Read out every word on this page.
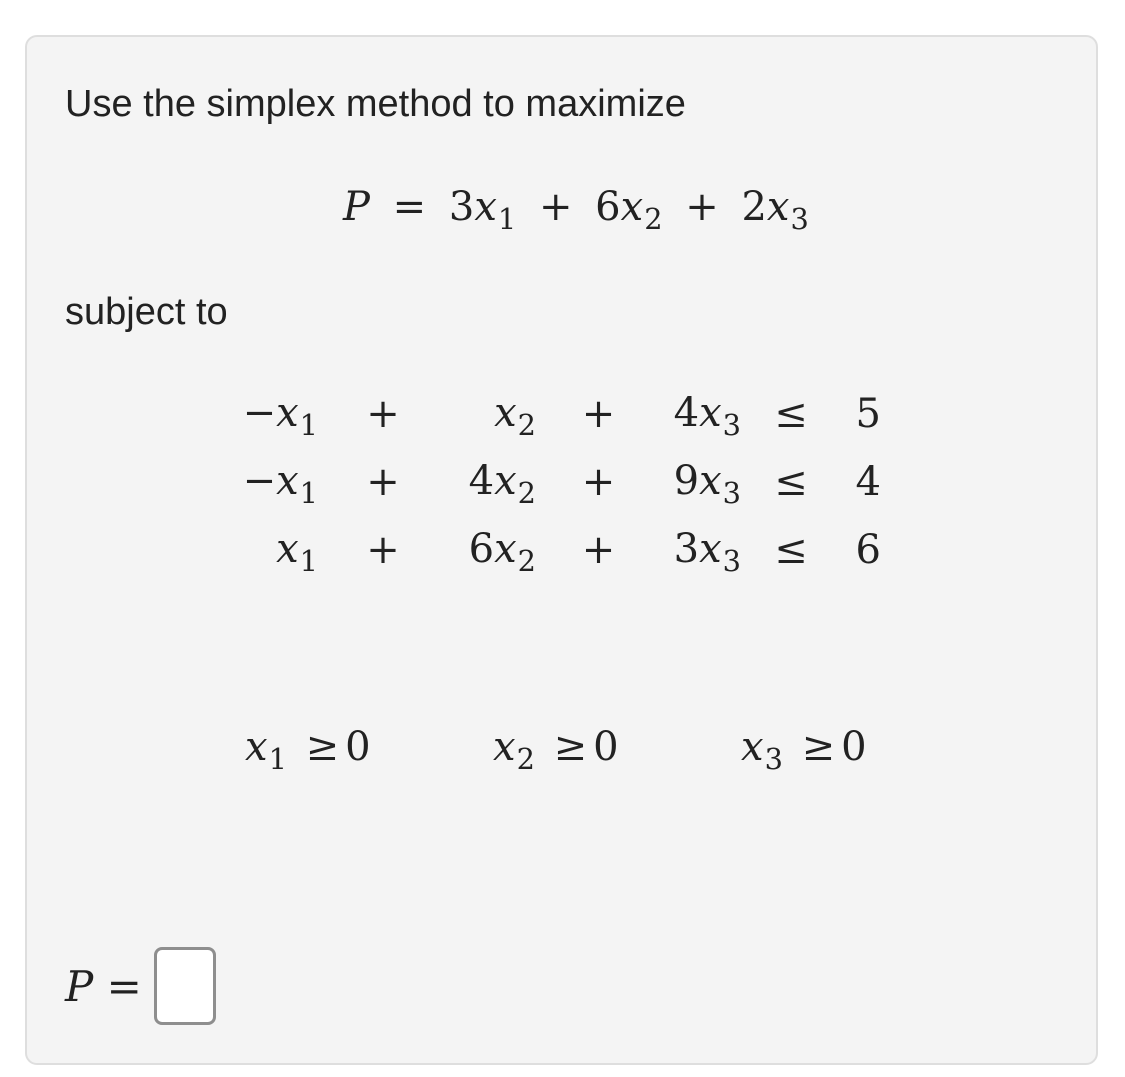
Use the simplex method to maximize
$P = 3x_1 + 6x_2 + 2x_3$
subject to
$-x_1$	+	$x_2$	+	$4x_3$	≤	5
$-x_1$	+	$4x_2$	+	$9x_3$	≤	4
$x_1$	+	$6x_2$	+	$3x_3$	≤	6
$x_1 \ge 0$	$x_2 \ge 0$	$x_3 \ge 0$
P =
